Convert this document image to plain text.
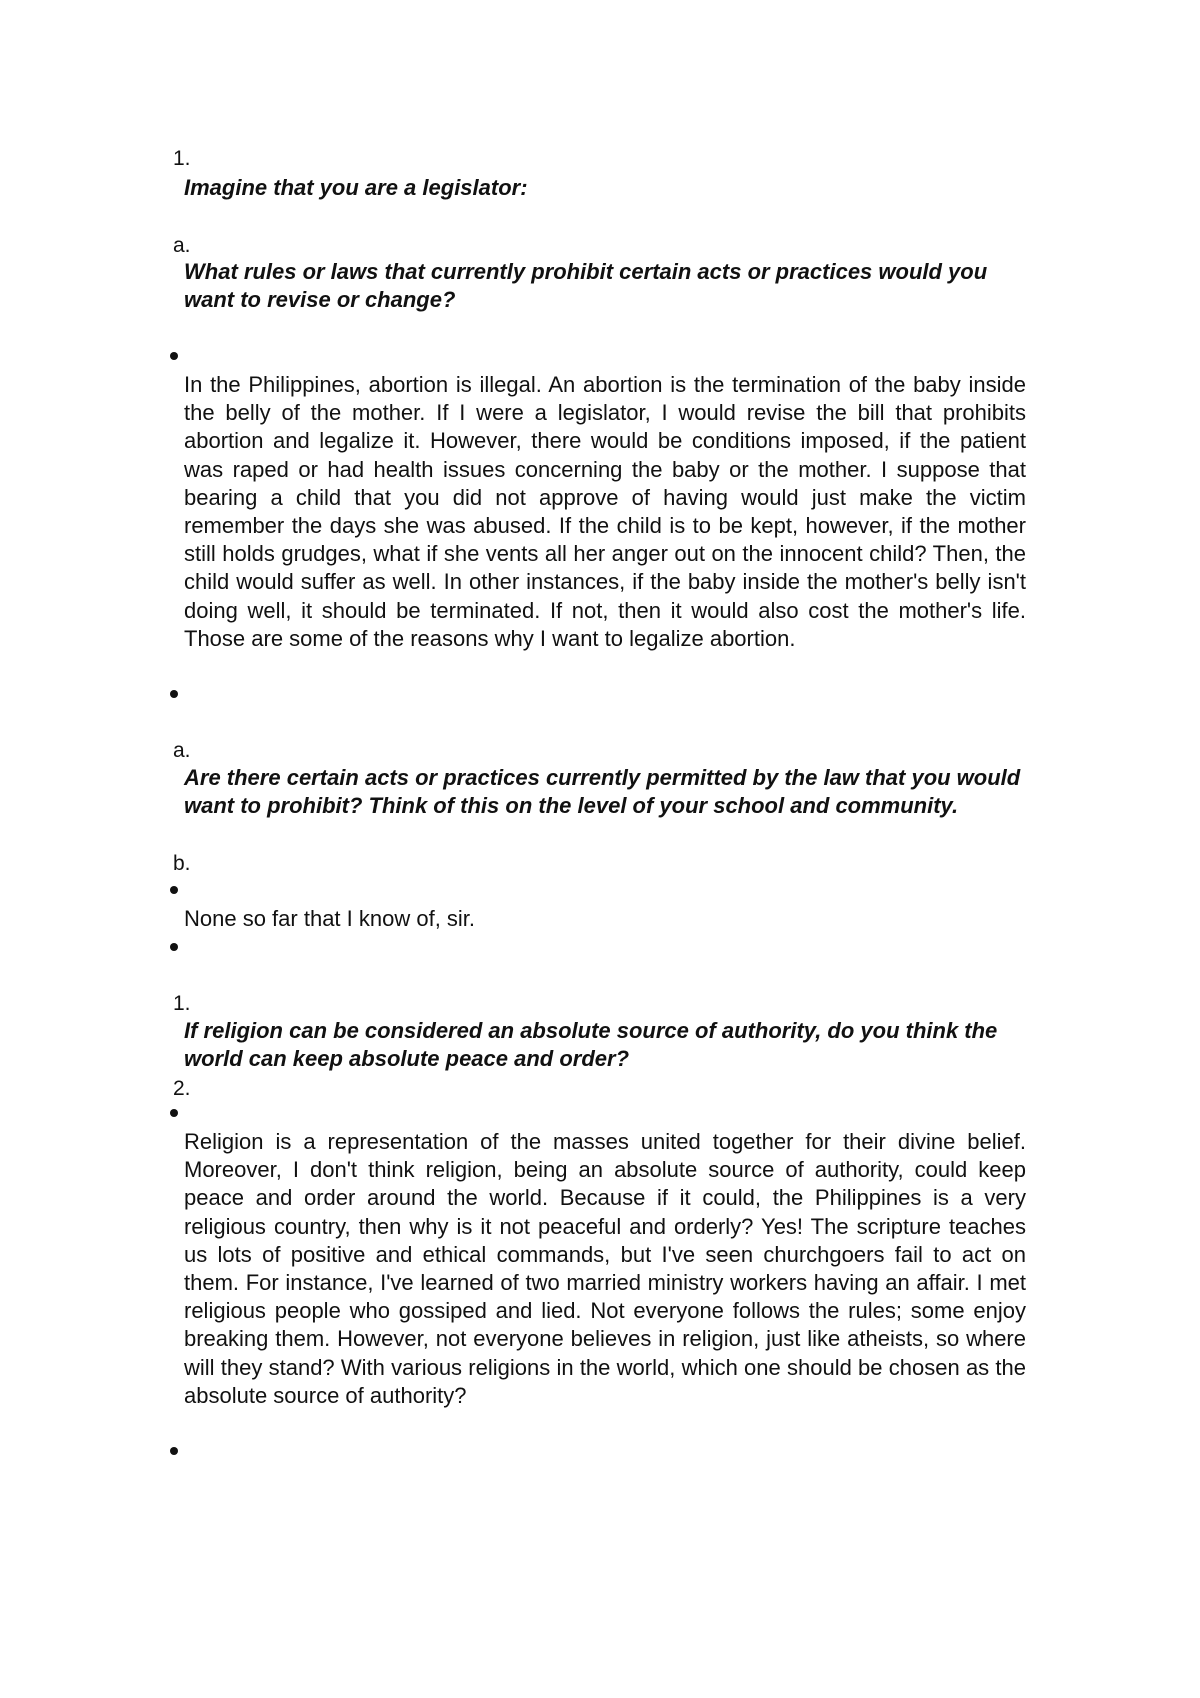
1.
Imagine that you are a legislator:
a.
What rules or laws that currently prohibit certain acts or practices would you want to revise or change?
In the Philippines, abortion is illegal. An abortion is the termination of the baby inside the belly of the mother. If I were a legislator, I would revise the bill that prohibits abortion and legalize it. However, there would be conditions imposed, if the patient was raped or had health issues concerning the baby or the mother. I suppose that bearing a child that you did not approve of having would just make the victim remember the days she was abused. If the child is to be kept, however, if the mother still holds grudges, what if she vents all her anger out on the innocent child? Then, the child would suffer as well. In other instances, if the baby inside the mother's belly isn't doing well, it should be terminated. If not, then it would also cost the mother's life. Those are some of the reasons why I want to legalize abortion.
a.
Are there certain acts or practices currently permitted by the law that you would want to prohibit? Think of this on the level of your school and community.
b.
None so far that I know of, sir.
1.
If religion can be considered an absolute source of authority, do you think the world can keep absolute peace and order?
2.
Religion is a representation of the masses united together for their divine belief. Moreover, I don't think religion, being an absolute source of authority, could keep peace and order around the world. Because if it could, the Philippines is a very religious country, then why is it not peaceful and orderly? Yes! The scripture teaches us lots of positive and ethical commands, but I've seen churchgoers fail to act on them. For instance, I've learned of two married ministry workers having an affair. I met religious people who gossiped and lied. Not everyone follows the rules; some enjoy breaking them. However, not everyone believes in religion, just like atheists, so where will they stand? With various religions in the world, which one should be chosen as the absolute source of authority?
